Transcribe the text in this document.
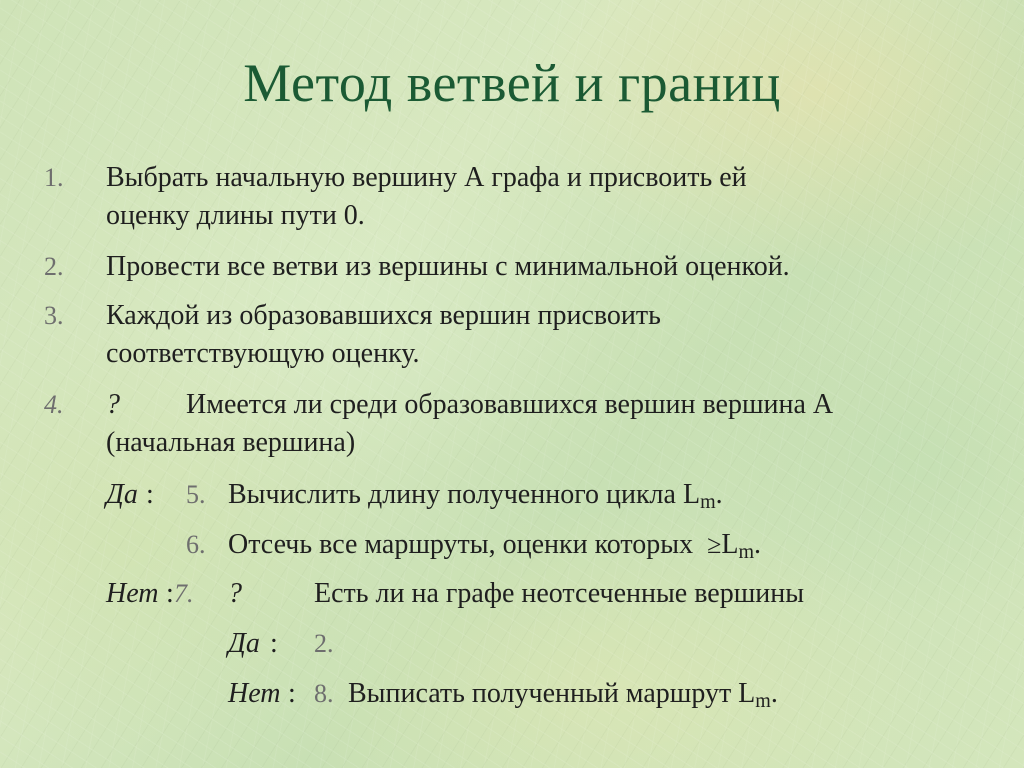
Метод ветвей и границ
1. Выбрать начальную вершину А графа и присвоить ей
оценку длины пути 0.
2. Провести все ветви из вершины с минимальной оценкой.
3. Каждой из образовавшихся вершин присвоить
соответствующую оценку.
4. ? Имеется ли среди образовавшихся вершин вершина А
(начальная вершина)
Да : 5. Вычислить длину полученного цикла Lm.
6. Отсечь все маршруты, оценки которых ≥Lm.
Нет : 7. ?	Есть ли на графе неотсеченные вершины
Да : 2.
Нет : 8. Выписать полученный маршрут Lm.
